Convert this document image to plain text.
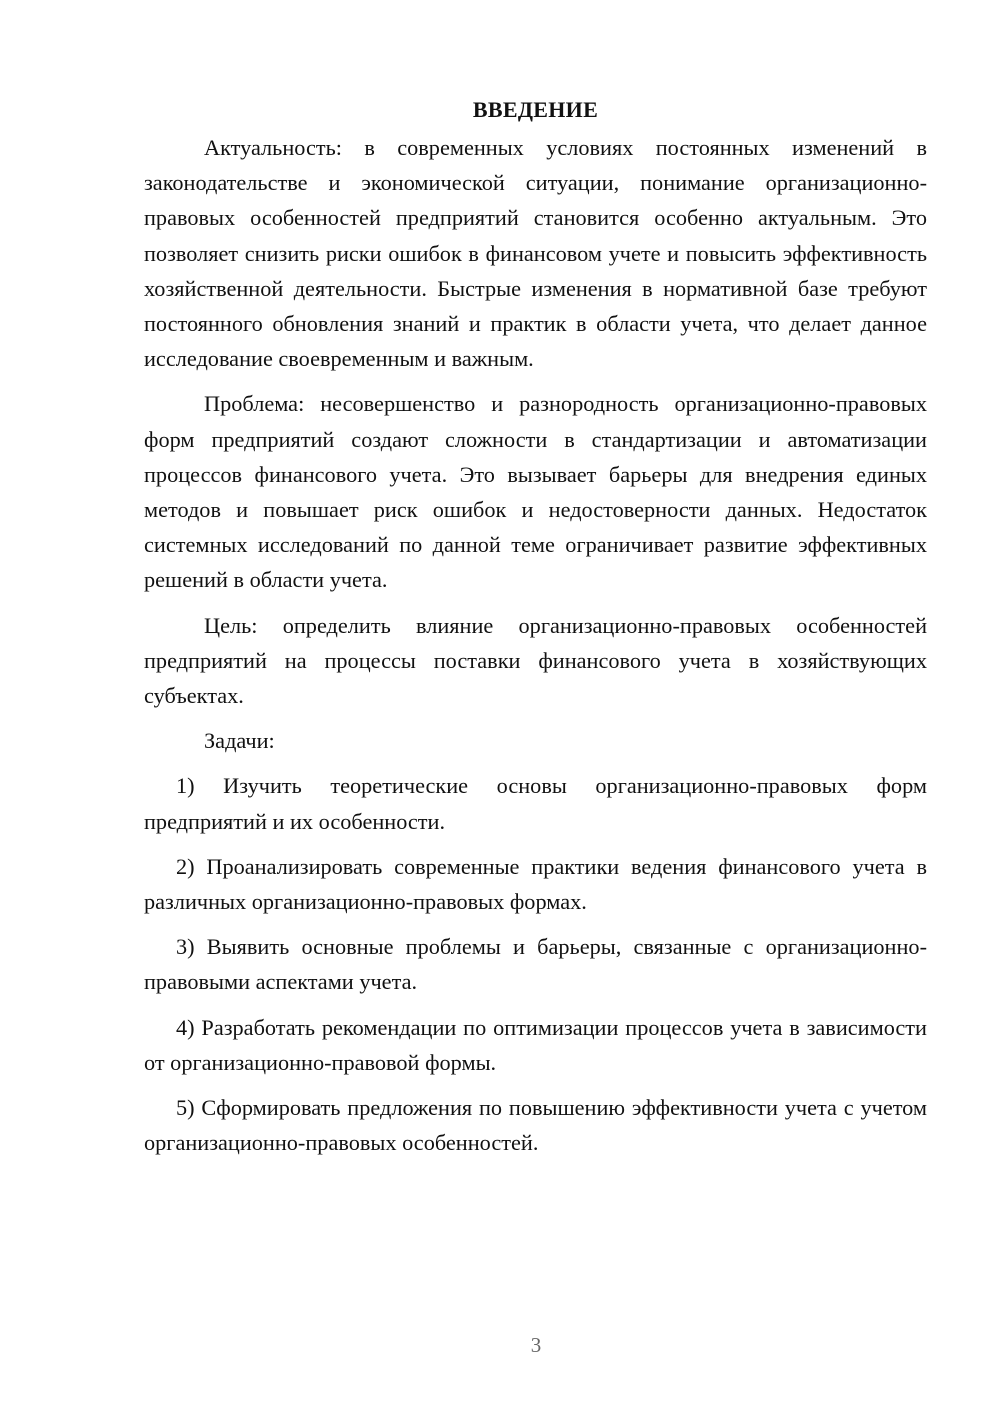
ВВЕДЕНИЕ

Актуальность: в современных условиях постоянных изменений в законодательстве и экономической ситуации, понимание организационно-правовых особенностей предприятий становится особенно актуальным. Это позволяет снизить риски ошибок в финансовом учете и повысить эффективность хозяйственной деятельности. Быстрые изменения в нормативной базе требуют постоянного обновления знаний и практик в области учета, что делает данное исследование своевременным и важным.

Проблема: несовершенство и разнородность организационно-правовых форм предприятий создают сложности в стандартизации и автоматизации процессов финансового учета. Это вызывает барьеры для внедрения единых методов и повышает риск ошибок и недостоверности данных. Недостаток системных исследований по данной теме ограничивает развитие эффективных решений в области учета.

Цель: определить влияние организационно-правовых особенностей предприятий на процессы поставки финансового учета в хозяйствующих субъектах.

Задачи:

1) Изучить теоретические основы организационно-правовых форм предприятий и их особенности.

2) Проанализировать современные практики ведения финансового учета в различных организационно-правовых формах.

3) Выявить основные проблемы и барьеры, связанные с организационно-правовыми аспектами учета.

4) Разработать рекомендации по оптимизации процессов учета в зависимости от организационно-правовой формы.

5) Сформировать предложения по повышению эффективности учета с учетом организационно-правовых особенностей.

3
